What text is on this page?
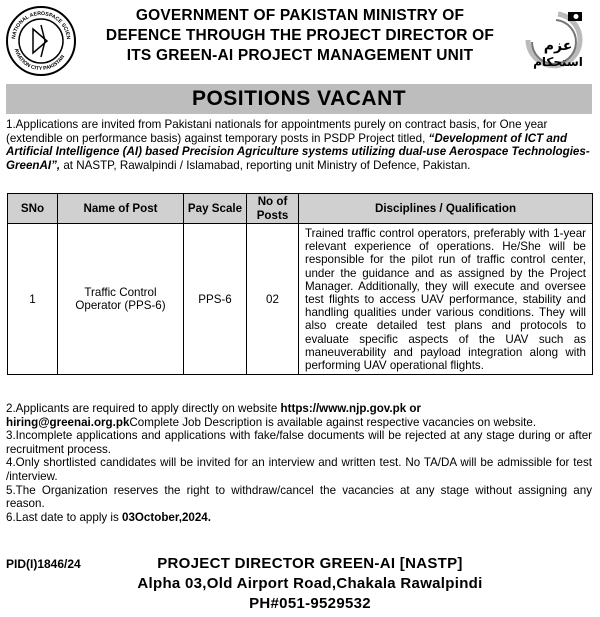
NATIONAL AEROSPACE SCIEN
AVIATION CITY PAKISTAN
GOVERNMENT OF PAKISTAN MINISTRY OF
DEFENCE THROUGH THE PROJECT DIRECTOR OF
ITS GREEN-AI PROJECT MANAGEMENT UNIT
عزم
استحکام
POSITIONS VACANT
1.Applications are invited from Pakistani nationals for appointments purely on contract basis, for One year (extendible on performance basis) against temporary posts in PSDP Project titled, “Development of ICT and Artificial Intelligence (AI) based Precision Agriculture systems utilizing dual-use Aerospace Technologies-GreenAI”, at NASTP, Rawalpindi / Islamabad, reporting unit Ministry of Defence, Pakistan.
SNo	Name of Post	Pay Scale	No of Posts	Disciplines / Qualification
1	Traffic Control Operator (PPS-6)	PPS-6	02	Trained traffic control operators, preferably with 1-year relevant experience of operations. He/She will be responsible for the pilot run of traffic control center, under the guidance and as assigned by the Project Manager. Additionally, they will execute and oversee test flights to access UAV performance, stability and handling qualities under various conditions. They will also create detailed test plans and protocols to evaluate specific aspects of the UAV such as maneuverability and payload integration along with performing UAV operational flights.

2.Applicants are required to apply directly on website https://www.njp.gov.pk or
hiring@greenai.org.pkComplete Job Description is available against respective vacancies on website.

3.Incomplete applications and applications with fake/false documents will be rejected at any stage during or after recruitment process.

4.Only shortlisted candidates will be invited for an interview and written test. No TA/DA will be admissible for test /interview.

5.The Organization reserves the right to withdraw/cancel the vacancies at any stage without assigning any reason.

6.Last date to apply is 03October,2024.

PID(I)1846/24	PROJECT DIRECTOR GREEN-AI [NASTP]
Alpha 03,Old Airport Road,Chakala Rawalpindi
PH#051-9529532
